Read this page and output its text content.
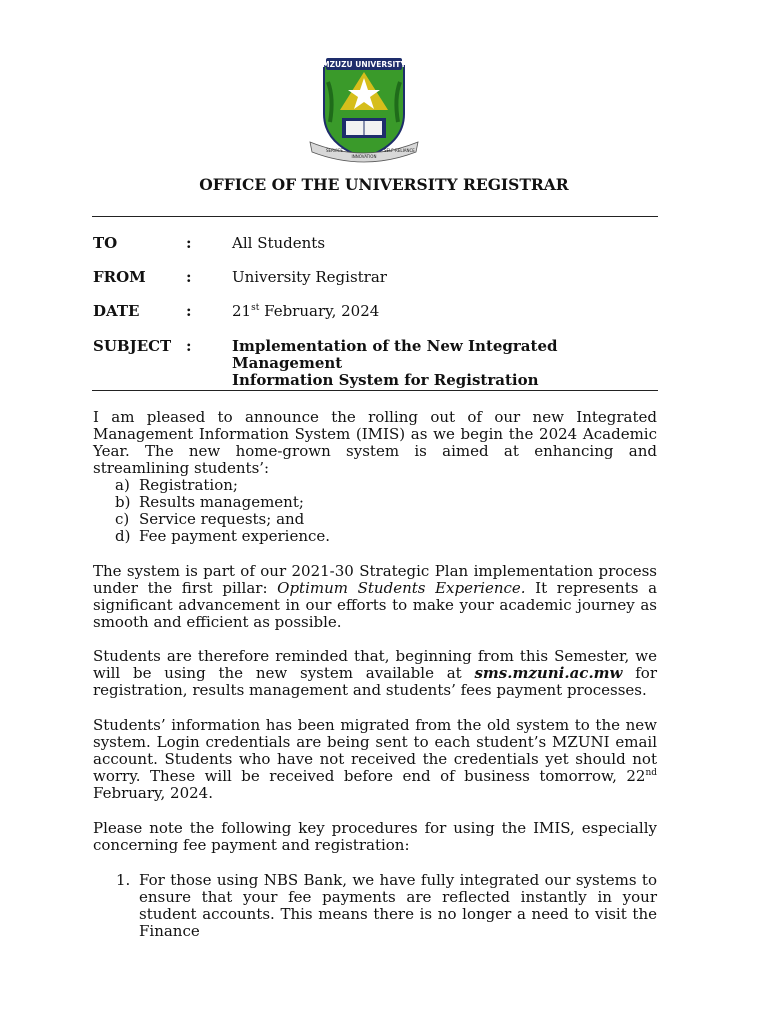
MZUZU UNIVERSITY
SERVICE
INNOVATION
SELF-RELIANCE
OFFICE OF THE UNIVERSITY REGISTRAR
TO	:	All Students
FROM	:	University Registrar
DATE	:	21st February, 2024
SUBJECT :	Implementation of the New Integrated Management
Information System for Registration

I am pleased to announce the rolling out of our new Integrated Management Information System (IMIS) as we begin the 2024 Academic Year. The new home-grown system is aimed at enhancing and streamlining students’:

a) Registration;
b) Results management;
c) Service requests; and
d) Fee payment experience.

The system is part of our 2021-30 Strategic Plan implementation process under the first pillar: Optimum Students Experience. It represents a significant advancement in our efforts to make your academic journey as smooth and efficient as possible.

Students are therefore reminded that, beginning from this Semester, we will be using the new system available at sms.mzuni.ac.mw for registration, results management and students’ fees payment processes.

Students’ information has been migrated from the old system to the new system. Login credentials are being sent to each student’s MZUNI email account. Students who have not received the credentials yet should not worry. These will be received before end of business tomorrow, 22nd February, 2024.

Please note the following key procedures for using the IMIS, especially concerning fee payment and registration:

1. For those using NBS Bank, we have fully integrated our systems to ensure that your fee payments are reflected instantly in your student accounts. This means there is no longer a need to visit the Finance
